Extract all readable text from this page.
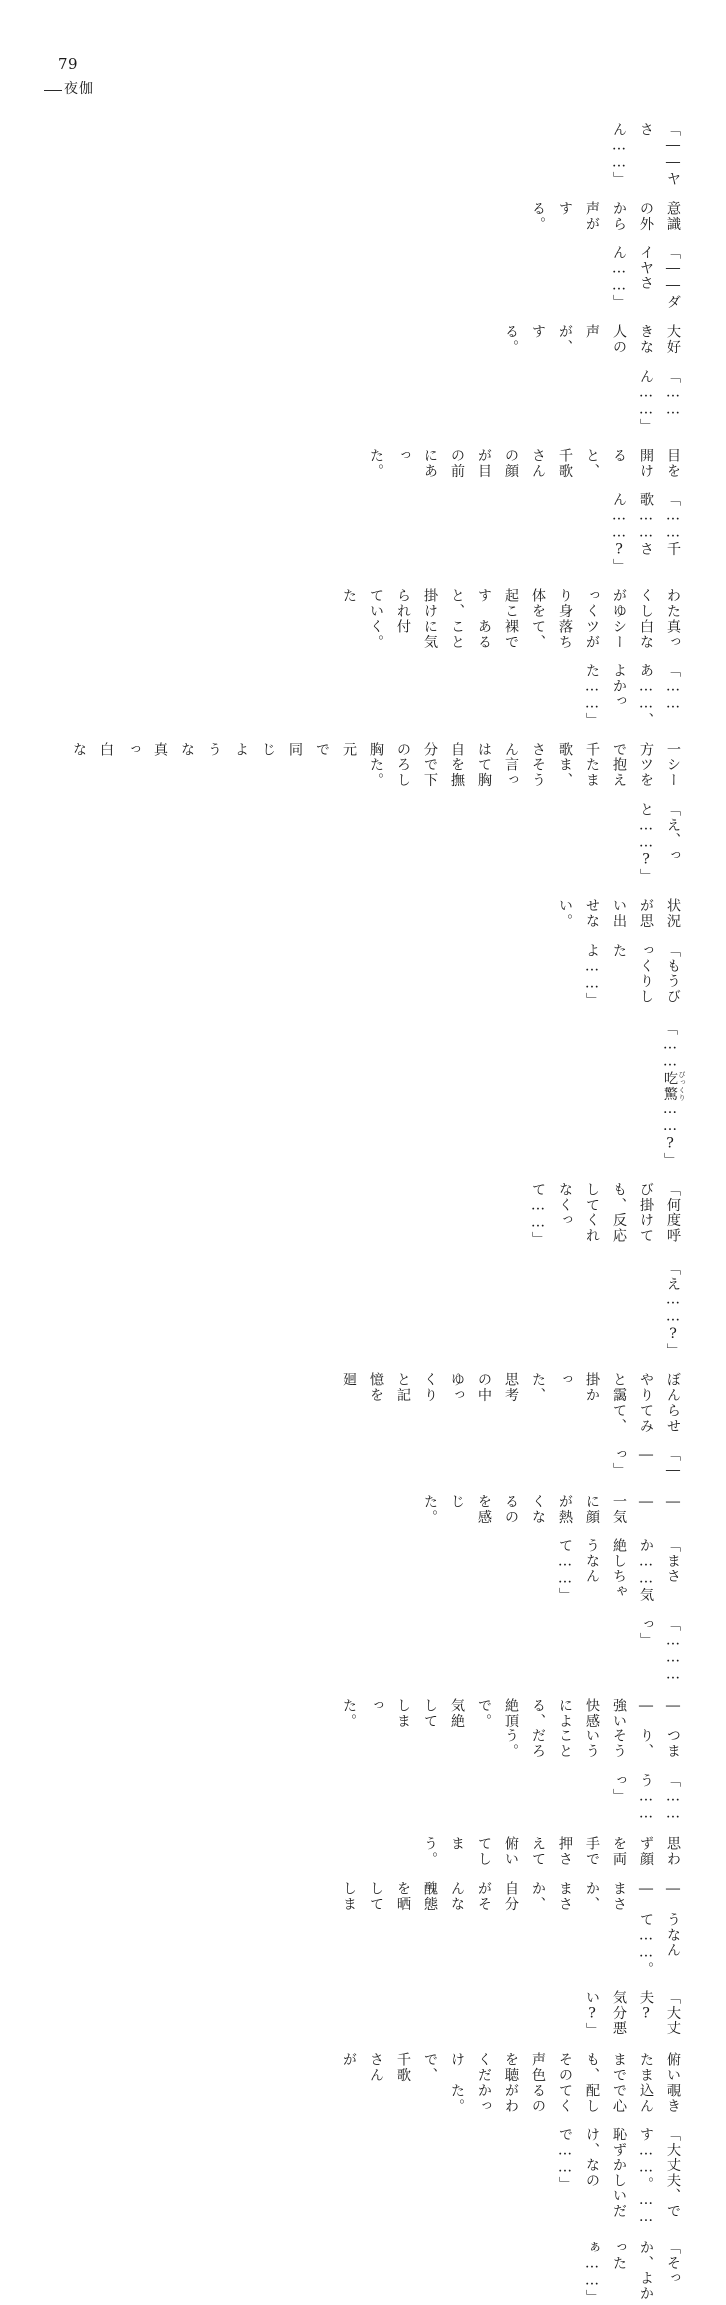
79
夜伽
「――ヤさん……」
意識の外から声がする。
「――ダイヤさん……」
大好きな人の声が、する。
「……ん……」
目を開けると、千歌さんの顔が目の前にあった。
「……千歌……さん……?」
わたくしがゆっくり身体を起こすと、掛けられていた
真っ白なシーツが落ちて、裸であることに気付く。
「……あ……、よかった……」
一方で千歌さんは自分の胸元で同じような真っ白な
シーツを抱えたまま、そう言って胸を撫で下ろした。
「え、っと……?」
状況が思い出せない。
「もうびっくりしたよ……」
「……吃驚 びっくり……?」
「何度呼び掛けても、反応してくれなくって……」
「え……?」
ぼんやりと靄掛かった、思考の中ゆっくりと記憶を廻
らせてみて、
「――っ」
――一気に顔が熱くなるのを感じた。
「まさか……気絶しちゃうなんて……」
「………っ」
――強い快感による、絶頂で。気絶してしまった。
つまり、そういうことだろう。
「……う……っ」
思わず顔を両手で押さえて俯いてしまう。
――まさか、まさか、自分がそんな醜態を晒してしま
うなんて……。
「大丈夫?　気分悪い?」
俯いたままでも、その声色を聴くだけで、千歌さんが
覗き込んで心配してくるのがわかった。
「大丈夫、です……。……恥ずかしいだけ、なので……」
「そっか、よかったぁ……」
